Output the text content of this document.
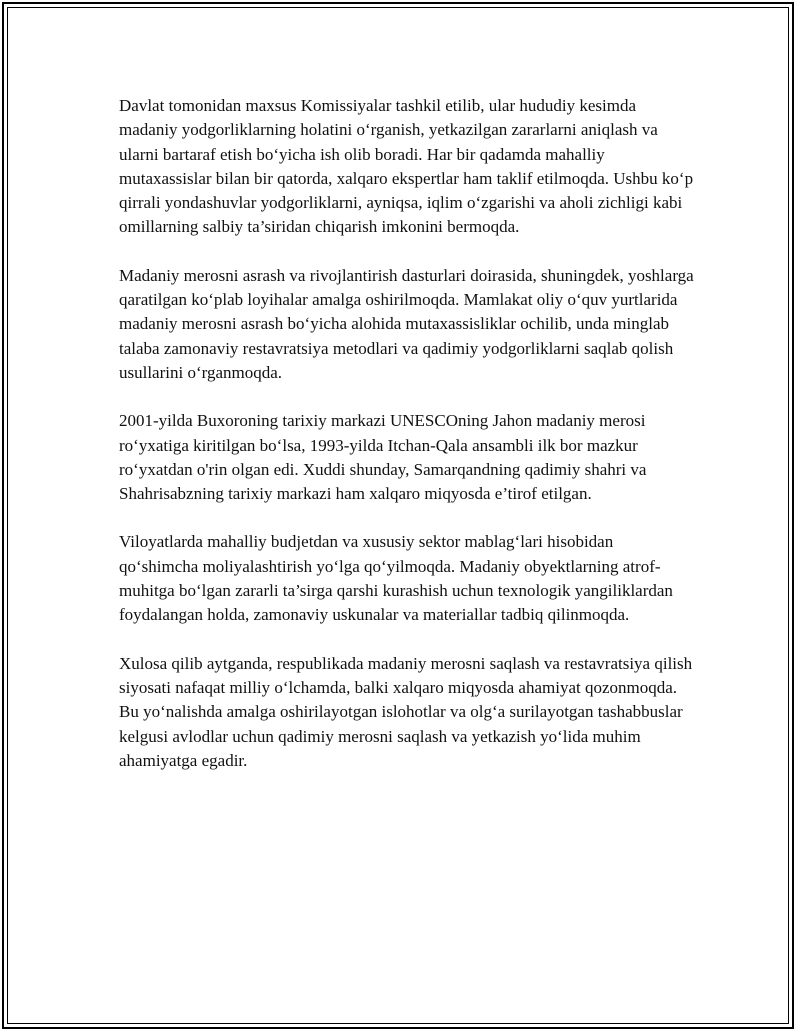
Davlat tomonidan maxsus Komissiyalar tashkil etilib, ular hududiy kesimda madaniy yodgorliklarning holatini o‘rganish, yetkazilgan zararlarni aniqlash va ularni bartaraf etish bo‘yicha ish olib boradi. Har bir qadamda mahalliy mutaxassislar bilan bir qatorda, xalqaro ekspertlar ham taklif etilmoqda. Ushbu ko‘p qirrali yondashuvlar yodgorliklarni, ayniqsa, iqlim o‘zgarishi va aholi zichligi kabi omillarning salbiy ta’siridan chiqarish imkonini bermoqda.

Madaniy merosni asrash va rivojlantirish dasturlari doirasida, shuningdek, yoshlarga qaratilgan ko‘plab loyihalar amalga oshirilmoqda. Mamlakat oliy o‘quv yurtlarida madaniy merosni asrash bo‘yicha alohida mutaxassisliklar ochilib, unda minglab talaba zamonaviy restavratsiya metodlari va qadimiy yodgorliklarni saqlab qolish usullarini o‘rganmoqda.

2001-yilda Buxoroning tarixiy markazi UNESCOning Jahon madaniy merosi ro‘yxatiga kiritilgan bo‘lsa, 1993-yilda Itchan-Qala ansambli ilk bor mazkur ro‘yxatdan o'rin olgan edi. Xuddi shunday, Samarqandning qadimiy shahri va Shahrisabzning tarixiy markazi ham xalqaro miqyosda e’tirof etilgan.

Viloyatlarda mahalliy budjetdan va xususiy sektor mablag‘lari hisobidan qo‘shimcha moliyalashtirish yo‘lga qo‘yilmoqda. Madaniy obyektlarning atrof-muhitga bo‘lgan zararli ta’sirga qarshi kurashish uchun texnologik yangiliklardan foydalangan holda, zamonaviy uskunalar va materiallar tadbiq qilinmoqda.

Xulosa qilib aytganda, respublikada madaniy merosni saqlash va restavratsiya qilish siyosati nafaqat milliy o‘lchamda, balki xalqaro miqyosda ahamiyat qozonmoqda. Bu yo‘nalishda amalga oshirilayotgan islohotlar va olg‘a surilayotgan tashabbuslar kelgusi avlodlar uchun qadimiy merosni saqlash va yetkazish yo‘lida muhim ahamiyatga egadir.
